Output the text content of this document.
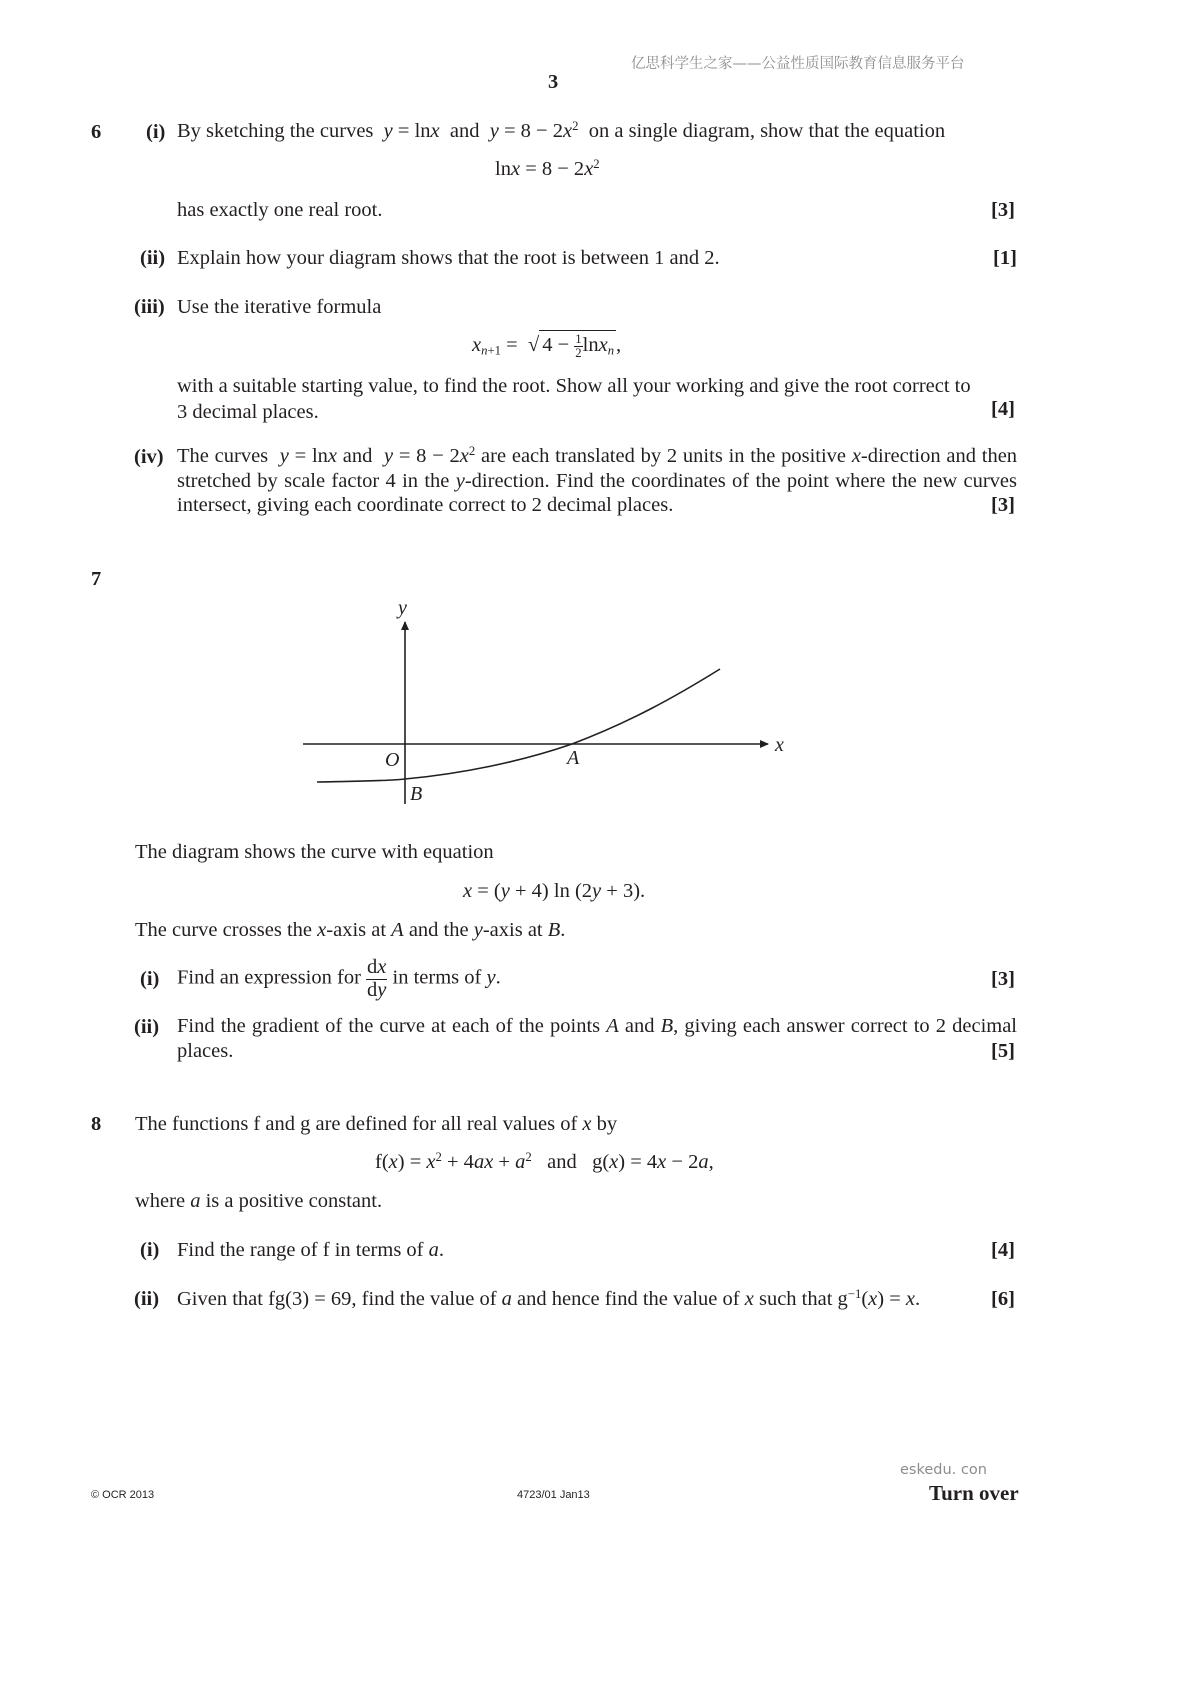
亿思科学生之家——公益性质国际教育信息服务平台
3
6 (i) By sketching the curves y = lnx and $y = 8 - 2x^2$ on a single diagram, show that the equation
$\ln x = 8 - 2x^2$
has exactly one real root.	[3]
(ii) Explain how your diagram shows that the root is between 1 and 2.	[1]
(iii) Use the iterative formula
$x_{n+1}$ =  √ $4 - \frac{1}{2} \ln x_n$,
with a suitable starting value, to find the root. Show all your working and give the root correct to
3 decimal places.	[4]
(iv) The curves y = lnx and $y = 8 - 2x^2$ are each translated by 2 units in the positive x-direction and then
stretched by scale factor 4 in the y-direction. Find the coordinates of the point where the new curves
intersect, giving each coordinate correct to 2 decimal places.	[3]
7
y
x
O	A
B
The diagram shows the curve with equation
x = (y + 4) ln (2y + 3).
The curve crosses the x-axis at A and the y-axis at B.
(i) Find an expression for $\frac{dx}{dy}$ in terms of y.	[3]
(ii) Find the gradient of the curve at each of the points A and B, giving each answer correct to 2 decimal
places.	[5]
8 The functions f and g are defined for all real values of x by
$f(x) = x^2 + 4ax + a^2$ and   g(x) = 4x − 2a,
where a is a positive constant.
(i) Find the range of f in terms of a.	[4]
(ii) Given that fg(3) = 69, find the value of a and hence find the value of x such that $g^{-1}(x) = x$.	[6]
eskedu. con
© OCR 2013	4723/01 Jan13	Turn over
